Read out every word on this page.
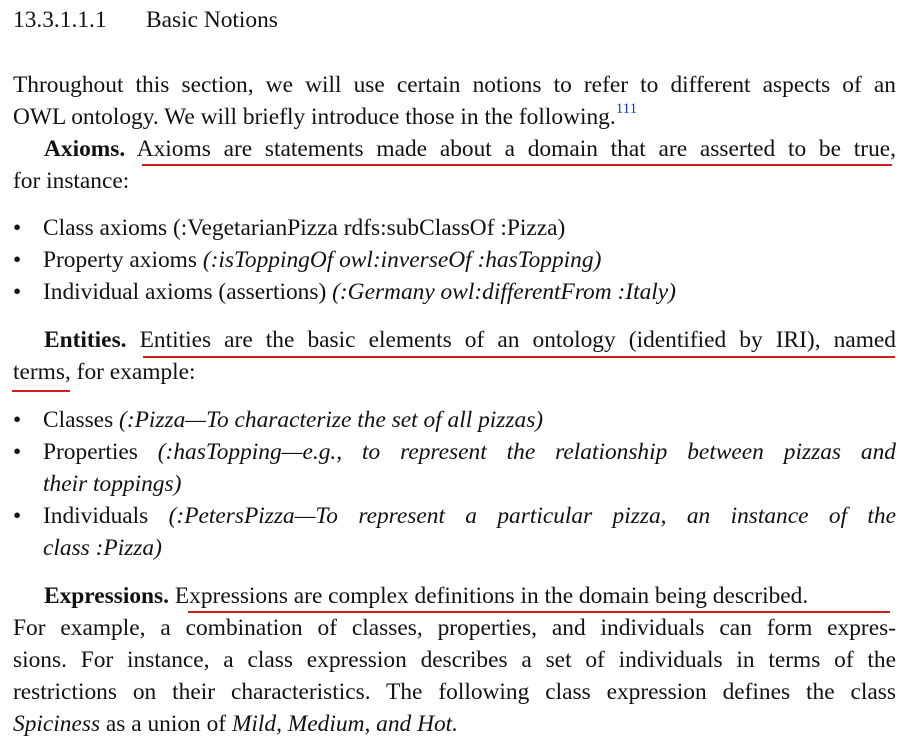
13.3.1.1.1 Basic Notions
Throughout this section, we will use certain notions to refer to different aspects of an
OWL ontology. We will briefly introduce those in the following.$^{111}$
Axioms. Axioms are statements made about a domain that are asserted to be true,
for instance:
• Class axioms (:VegetarianPizza rdfs:subClassOf :Pizza)
• Property axioms (:isToppingOf owl:inverseOf :hasTopping)
• Individual axioms (assertions) (:Germany owl:differentFrom :Italy)
Entities. Entities are the basic elements of an ontology (identified by IRI), named
terms, for example:
• Classes (:Pizza—To characterize the set of all pizzas)
• Properties (:hasTopping—e.g., to represent the relationship between pizzas and
their toppings)
• Individuals (:PetersPizza—To represent a particular pizza, an instance of the
class :Pizza)
Expressions. Expressions are complex definitions in the domain being described.
For example, a combination of classes, properties, and individuals can form expres-
sions. For instance, a class expression describes a set of individuals in terms of the
restrictions on their characteristics. The following class expression defines the class
Spiciness as a union of Mild, Medium, and Hot.
